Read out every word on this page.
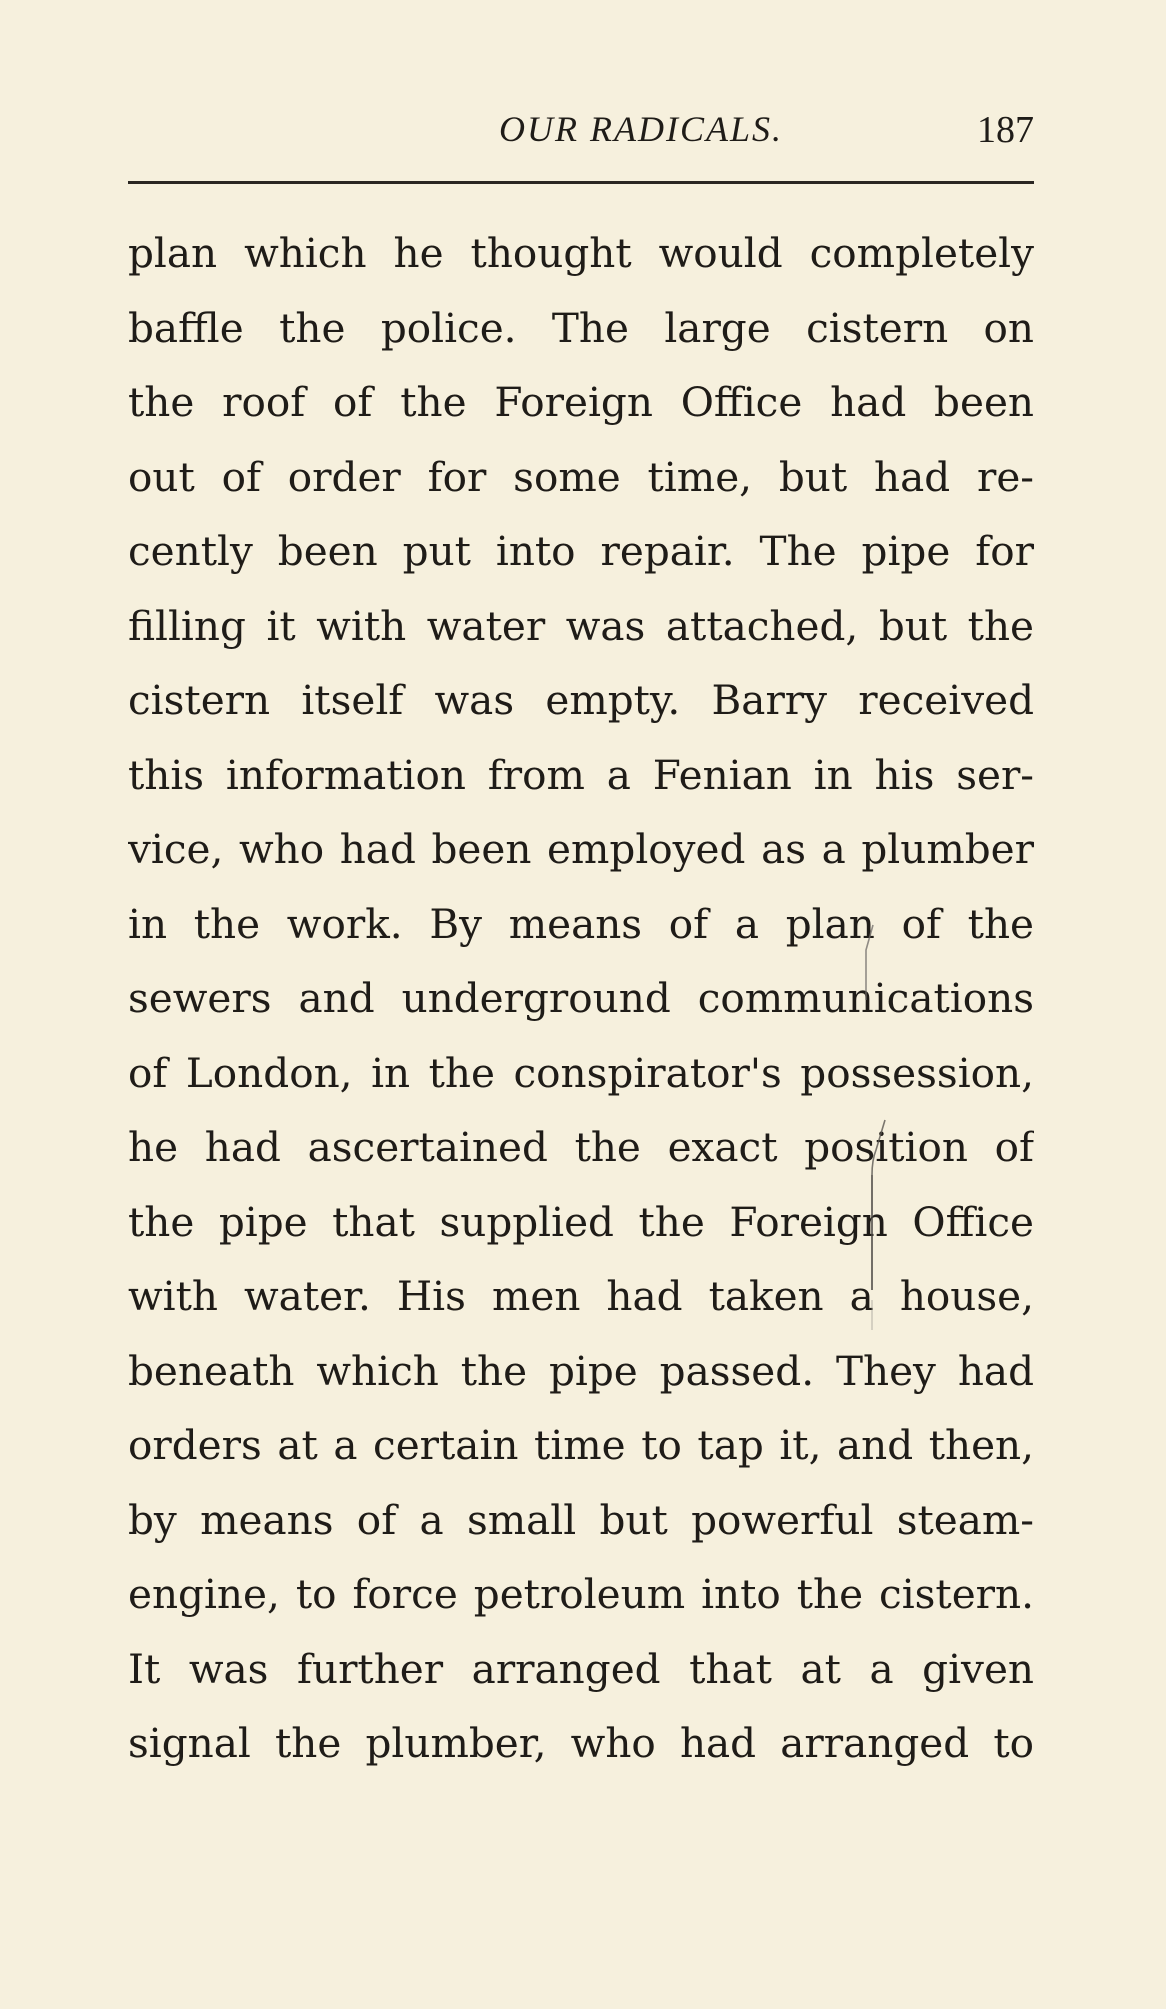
OUR RADICALS.	187
plan which he thought would completely
baffle the police. The large cistern on
the roof of the Foreign Office had been
out of order for some time, but had re-
cently been put into repair. The pipe for
filling it with water was attached, but the
cistern itself was empty. Barry received
this information from a Fenian in his ser-
vice, who had been employed as a plumber
in the work. By means of a plan of the
sewers and underground communications
of London, in the conspirator's possession,
he had ascertained the exact position of
the pipe that supplied the Foreign Office
with water. His men had taken a house,
beneath which the pipe passed. They had
orders at a certain time to tap it, and then,
by means of a small but powerful steam-
engine, to force petroleum into the cistern.
It was further arranged that at a given
signal the plumber, who had arranged to
